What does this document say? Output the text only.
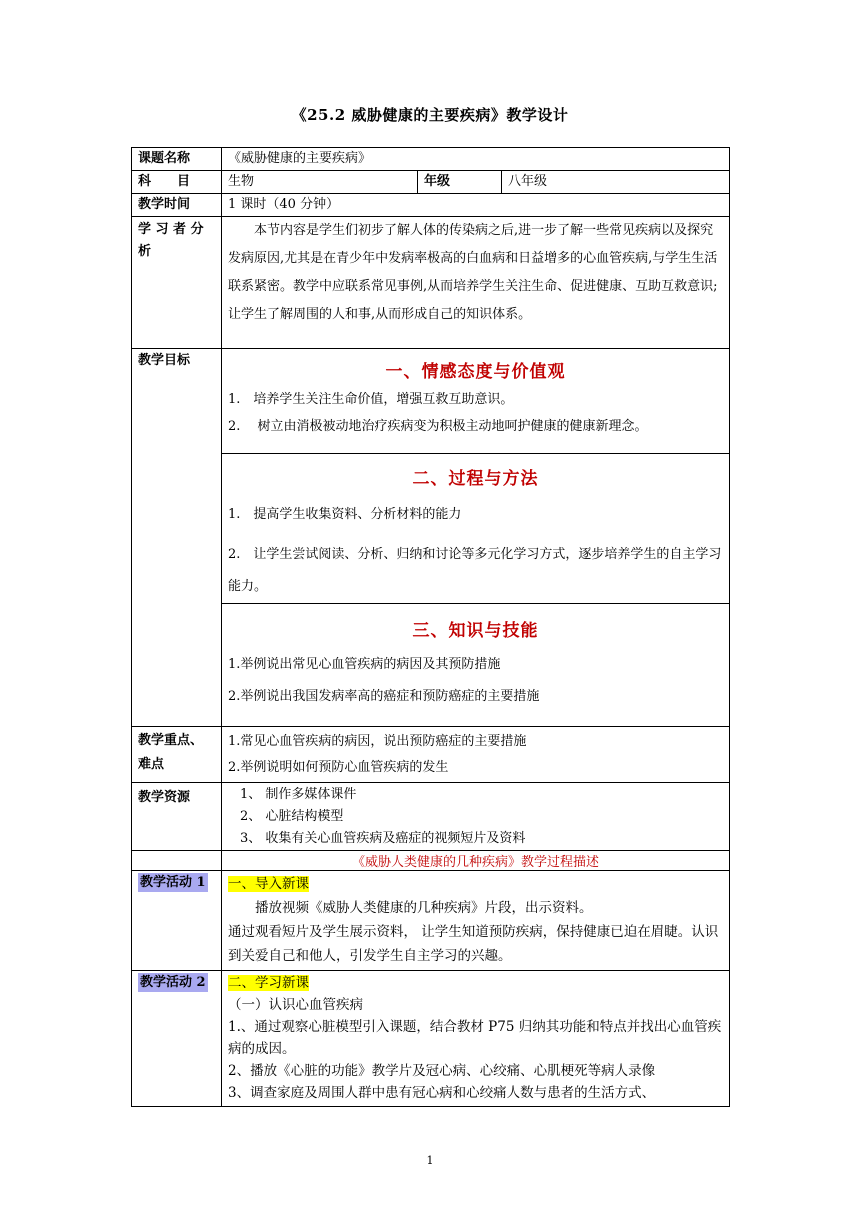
《25.2 威胁健康的主要疾病》教学设计
课题名称	《威胁健康的主要疾病》		
科　　目	生物	年级	八年级
教学时间	1 课时（40 分钟）		
学 习 者 分 析	本节内容是学生们初步了解人体的传染病之后,进一步了解一些常见疾病以及探究发病原因,尤其是在青少年中发病率极高的白血病和日益增多的心血管疾病,与学生生活联系紧密。教学中应联系常见事例,从而培养学生关注生命、促进健康、互助互救意识;让学生了解周围的人和事,从而形成自己的知识体系。		
教学目标	一、情感态度与价值观
1.　培养学生关注生命价值，增强互救互助意识。
2.　 树立由消极被动地治疗疾病变为积极主动地呵护健康的健康新理念。		

	二、过程与方法
1.　提高学生收集资料、分析材料的能力
2.　让学生尝试阅读、分析、归纳和讨论等多元化学习方式，逐步培养学生的自主学习能力。		

	三、知识与技能
1.举例说出常见心血管疾病的病因及其预防措施
2.举例说出我国发病率高的癌症和预防癌症的主要措施		

教学重点、难点	1.常见心血管疾病的病因，说出预防癌症的主要措施
2.举例说明如何预防心血管疾病的发生		

教学资源	1、 制作多媒体课件
2、 心脏结构模型
3、 收集有关心血管疾病及癌症的视频短片及资料		

	《威胁人类健康的几种疾病》教学过程描述		
教学活动 1	一、导入新课
播放视频《威胁人类健康的几种疾病》片段，出示资料。
通过观看短片及学生展示资料， 让学生知道预防疾病，保持健康已迫在眉睫。认识到关爱自己和他人，引发学生自主学习的兴趣。		

教学活动 2	二、学习新课
（一）认识心血管疾病
1.、通过观察心脏模型引入课题，结合教材 P75 归纳其功能和特点并找出心血管疾病的成因。
2、播放《心脏的功能》教学片及冠心病、心绞痛、心肌梗死等病人录像
3、调查家庭及周围人群中患有冠心病和心绞痛人数与患者的生活方式、		
1
